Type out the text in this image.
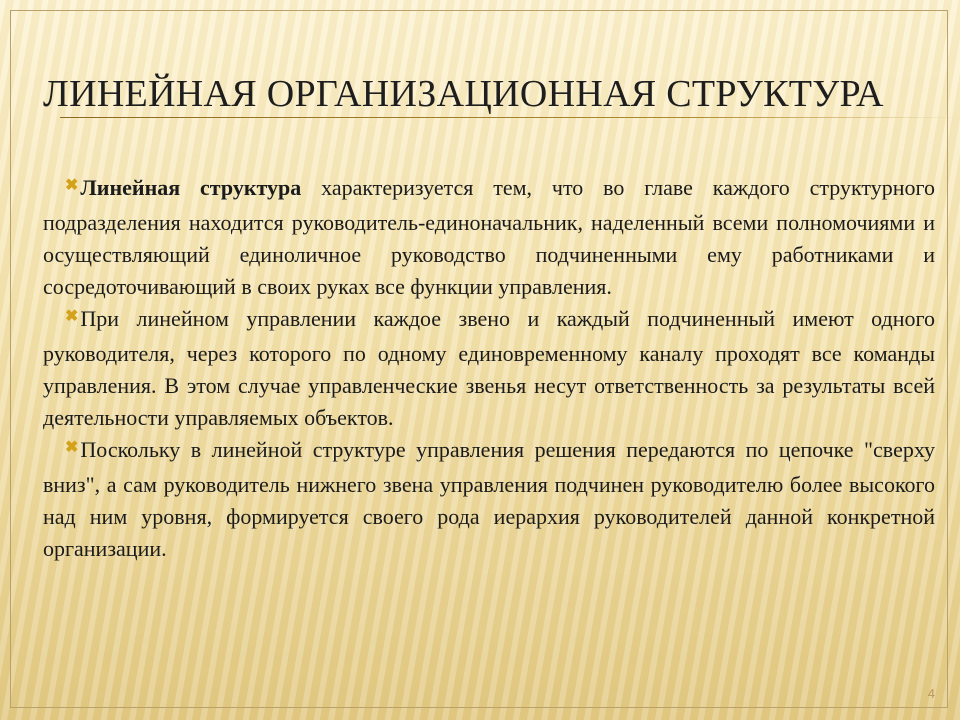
ЛИНЕЙНАЯ ОРГАНИЗАЦИОННАЯ СТРУКТУРА

✖Линейная структура характеризуется тем, что во главе каждого структурного подразделения находится руководитель-единоначальник, наделенный всеми полномочиями и осуществляющий единоличное руководство подчиненными ему работниками и сосредоточивающий в своих руках все функции управления.

✖При линейном управлении каждое звено и каждый подчиненный имеют одного руководителя, через которого по одному единовременному каналу проходят все команды управления. В этом случае управленческие звенья несут ответственность за результаты всей деятельности управляемых объектов.

✖Поскольку в линейной структуре управления решения передаются по цепочке "сверху вниз", а сам руководитель нижнего звена управления подчинен руководителю более высокого над ним уровня, формируется своего рода иерархия руководителей данной конкретной организации.

4
